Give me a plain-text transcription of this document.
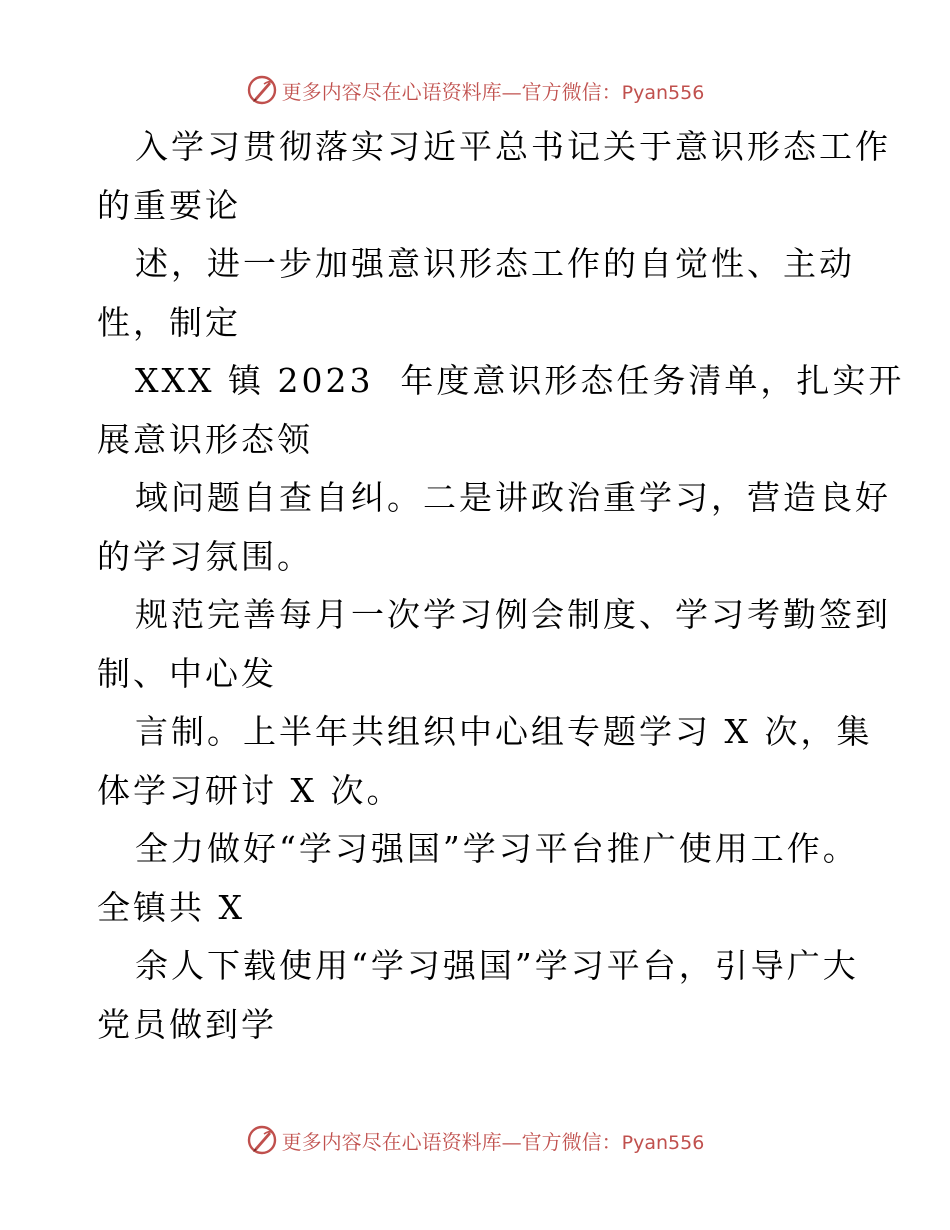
更多内容尽在心语资料库—官方微信：Pyan556
入学习贯彻落实习近平总书记关于意识形态工作
的重要论
述，进一步加强意识形态工作的自觉性、主动
性，制定
XXX 镇 2023  年度意识形态任务清单，扎实开
展意识形态领
域问题自查自纠。二是讲政治重学习，营造良好
的学习氛围。
规范完善每月一次学习例会制度、学习考勤签到
制、中心发
言制。上半年共组织中心组专题学习 X 次，集
体学习研讨 X 次。
全力做好“学习强国”学习平台推广使用工作。
全镇共 X
余人下载使用“学习强国”学习平台，引导广大
党员做到学
更多内容尽在心语资料库—官方微信：Pyan556
